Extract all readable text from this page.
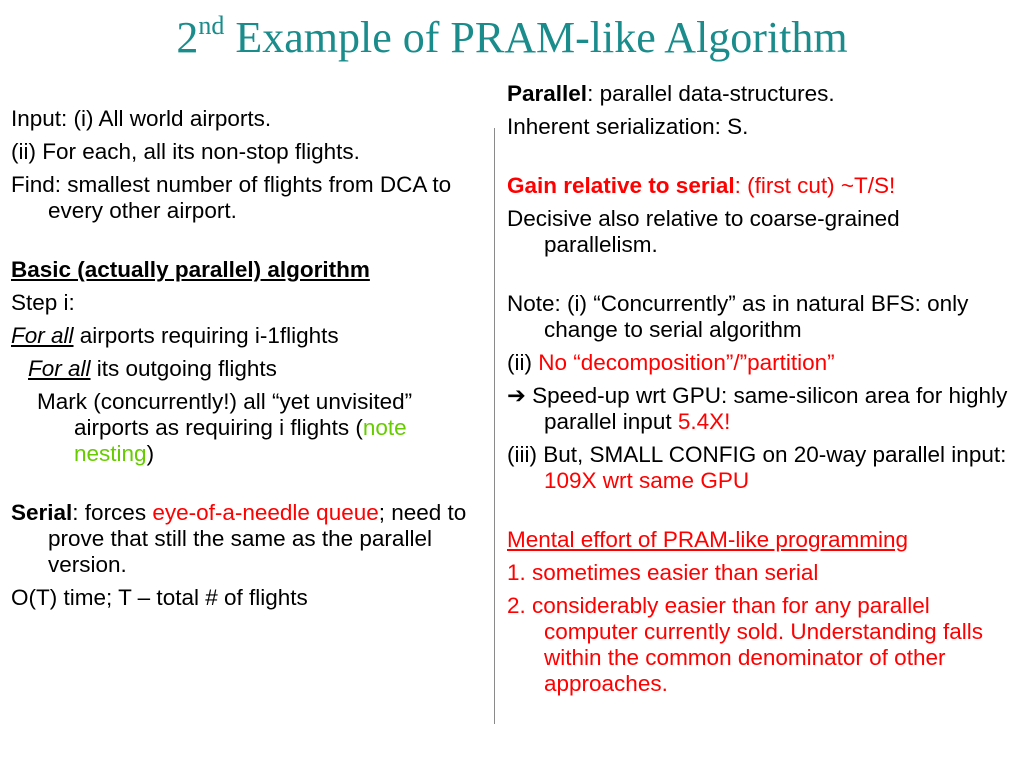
2nd Example of PRAM-like Algorithm

Input: (i) All world airports.

(ii) For each, all its non-stop flights.

Find: smallest number of flights from DCA to every other airport.

Basic (actually parallel) algorithm

Step i:

For all airports requiring i-1flights

For all its outgoing flights

Mark (concurrently!) all “yet unvisited” airports as requiring i flights (note nesting)

Serial: forces eye-of-a-needle queue; need to prove that still the same as the parallel version.

O(T) time; T – total # of flights

Parallel: parallel data-structures.

Inherent serialization: S.

Gain relative to serial: (first cut) ~T/S!

Decisive also relative to coarse-grained parallelism.

Note: (i) “Concurrently” as in natural BFS: only change to serial algorithm

(ii) No “decomposition”/”partition”

➔ Speed-up wrt GPU: same-silicon area for highly parallel input 5.4X!

(iii) But, SMALL CONFIG on 20-way parallel input: 109X wrt same GPU

Mental effort of PRAM-like programming

1. sometimes easier than serial

2. considerably easier than for any parallel computer currently sold. Understanding falls within the common denominator of other approaches.
